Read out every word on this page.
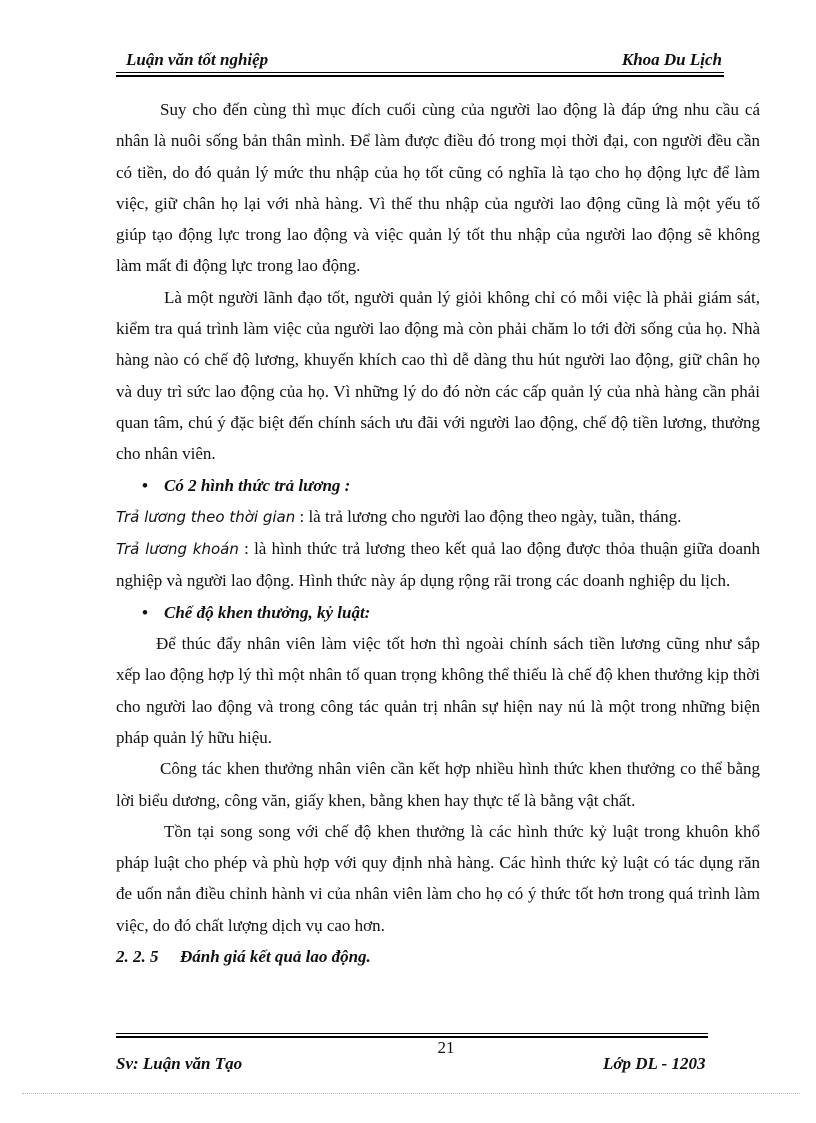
Luận văn tốt nghiệp	Khoa Du Lịch

Suy cho đến cùng thì mục đích cuối cùng của người lao động là đáp ứng nhu cầu cá nhân là nuôi sống bản thân mình. Để làm được điều đó trong mọi thời đại, con người đều cần có tiền, do đó quản lý mức thu nhập của họ tốt cũng có nghĩa là tạo cho họ động lực để làm việc, giữ chân họ lại với nhà hàng. Vì thế thu nhập của người lao động cũng là một yếu tố giúp tạo động lực trong lao động và việc quản lý tốt thu nhập của người lao động sẽ không làm mất đi động lực trong lao động.

Là một người lãnh đạo tốt, người quản lý giỏi không chỉ có mỗi việc là phải giám sát, kiểm tra quá trình làm việc của người lao động mà còn phải chăm lo tới đời sống của họ. Nhà hàng nào có chế độ lương, khuyến khích cao thì dễ dàng thu hút người lao động, giữ chân họ và duy trì sức lao động của họ. Vì những lý do đó nờn các cấp quản lý của nhà hàng cần phải quan tâm, chú ý đặc biệt đến chính sách ưu đãi với người lao động, chế độ tiền lương, thưởng cho nhân viên.

• Có 2 hình thức trả lương :

Trả lương theo thời gian : là trả lương cho người lao động theo ngày, tuần, tháng.

Trả lương khoán : là hình thức trả lương theo kết quả lao động được thỏa thuận giữa doanh nghiệp và người lao động. Hình thức này áp dụng rộng rãi trong các doanh nghiệp du lịch.

• Chế độ khen thưởng, kỷ luật:

Để thúc đẩy nhân viên làm việc tốt hơn thì ngoài chính sách tiền lương cũng như sắp xếp lao động hợp lý thì một nhân tố quan trọng không thể thiếu là chế độ khen thưởng kịp thời cho người lao động và trong công tác quản trị nhân sự hiện nay nú là một trong những biện pháp quản lý hữu hiệu.

Công tác khen thưởng nhân viên cần kết hợp nhiều hình thức khen thưởng co thể bằng lời biểu dương, công văn, giấy khen, bằng khen hay thực tế là bằng vật chất.

Tồn tại song song với chế độ khen thưởng là các hình thức kỷ luật trong khuôn khổ pháp luật cho phép và phù hợp với quy định nhà hàng. Các hình thức kỷ luật có tác dụng răn đe uốn nắn điều chỉnh hành vi của nhân viên làm cho họ có ý thức tốt hơn trong quá trình làm việc, do đó chất lượng dịch vụ cao hơn.

2. 2. 5 Đánh giá kết quả lao động.

21
Sv: Luận văn Tạo	Lớp DL - 1203
